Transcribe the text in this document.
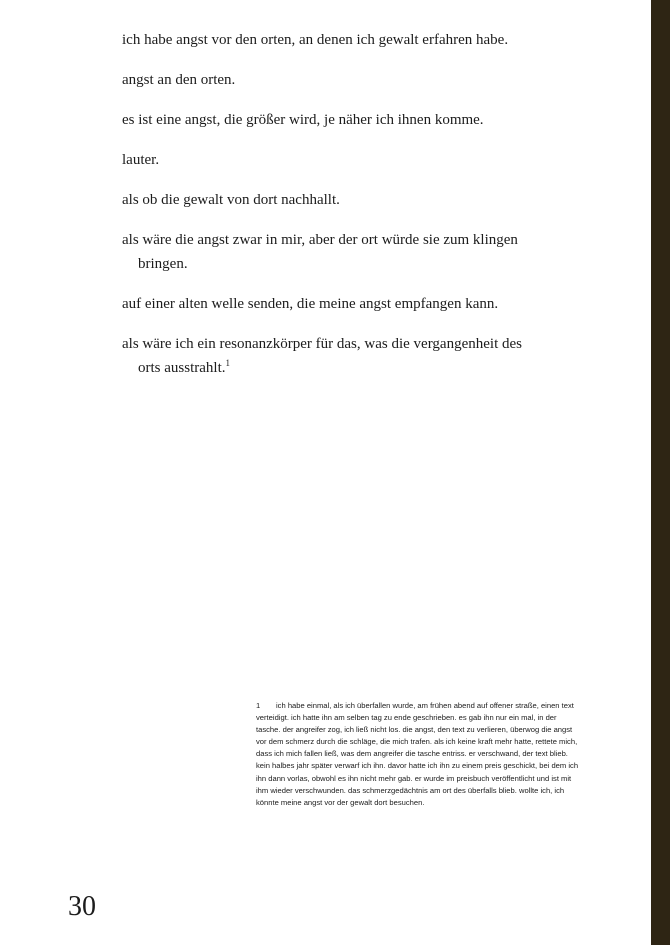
ich habe angst vor den orten, an denen ich gewalt erfahren habe.

angst an den orten.

es ist eine angst, die größer wird, je näher ich ihnen komme.

lauter.

als ob die gewalt von dort nachhallt.

als wäre die angst zwar in mir, aber der ort würde sie zum klingen bringen.

auf einer alten welle senden, die meine angst empfangen kann.

als wäre ich ein resonanzkörper für das, was die vergangenheit des orts ausstrahlt.$^1$

1 ich habe einmal, als ich überfallen wurde, am frühen abend auf offener straße, einen text verteidigt. ich hatte ihn am selben tag zu ende geschrieben. es gab ihn nur ein mal, in der tasche. der angreifer zog, ich ließ nicht los. die angst, den text zu verlieren, überwog die angst vor dem schmerz durch die schläge, die mich trafen. als ich keine kraft mehr hatte, rettete mich, dass ich mich fallen ließ, was dem angreifer die tasche entriss. er verschwand, der text blieb. kein halbes jahr später verwarf ich ihn. davor hatte ich ihn zu einem preis geschickt, bei dem ich ihn dann vorlas, obwohl es ihn nicht mehr gab. er wurde im preisbuch veröffentlicht und ist mit ihm wieder verschwunden. das schmerzgedächtnis am ort des überfalls blieb. wollte ich, ich könnte meine angst vor der gewalt dort besuchen.

30
